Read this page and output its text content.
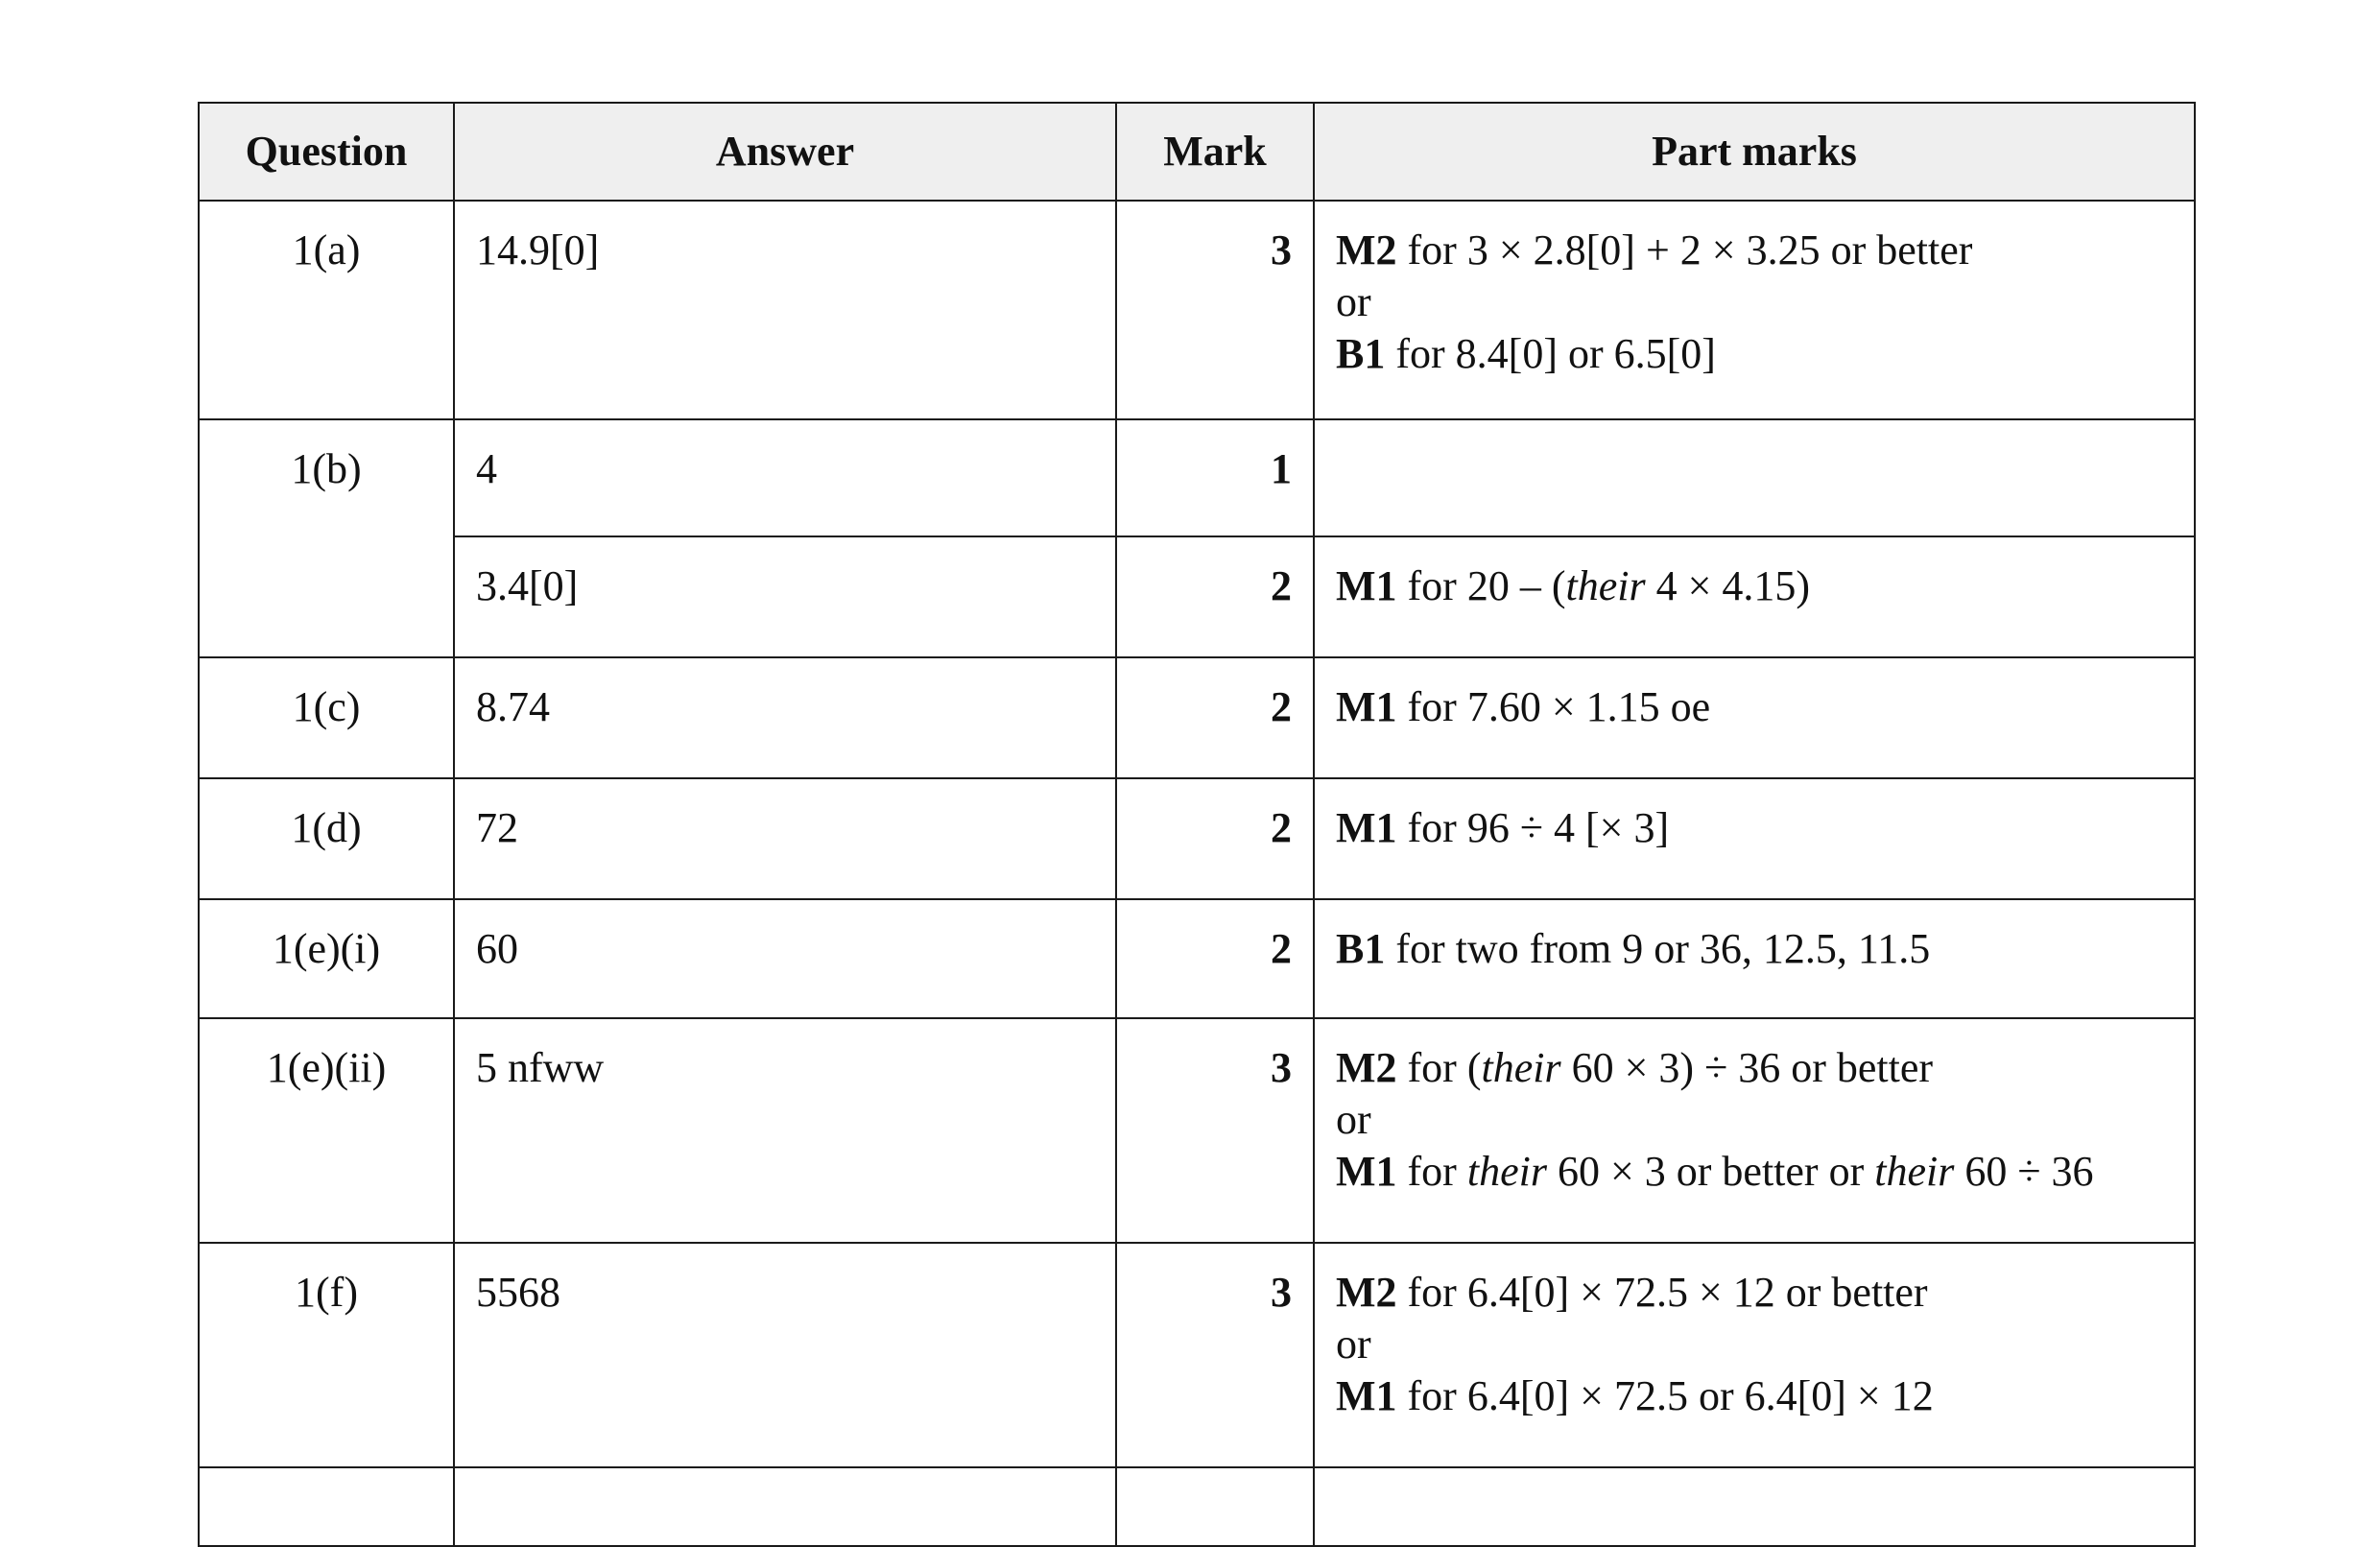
Question	Answer	Mark	Part marks
1(a)	14.9[0]	3	M2 for 3 × 2.8[0] + 2 × 3.25 or better
or
B1 for 8.4[0] or 6.5[0]

1(b)	4	1	
	3.4[0]	2	M1 for 20 – (their 4 × 4.15)

1(c)	8.74	2	M1 for 7.60 × 1.15 oe

1(d)	72	2	M1 for 96 ÷ 4 [× 3]

1(e)(i)	60	2	B1 for two from 9 or 36, 12.5, 11.5

1(e)(ii)	5 nfww	3	M2 for (their 60 × 3) ÷ 36 or better
or
M1 for their 60 × 3 or better or their 60 ÷ 36

1(f)	5568	3	M2 for 6.4[0] × 72.5 × 12 or better
or
M1 for 6.4[0] × 72.5 or 6.4[0] × 12
